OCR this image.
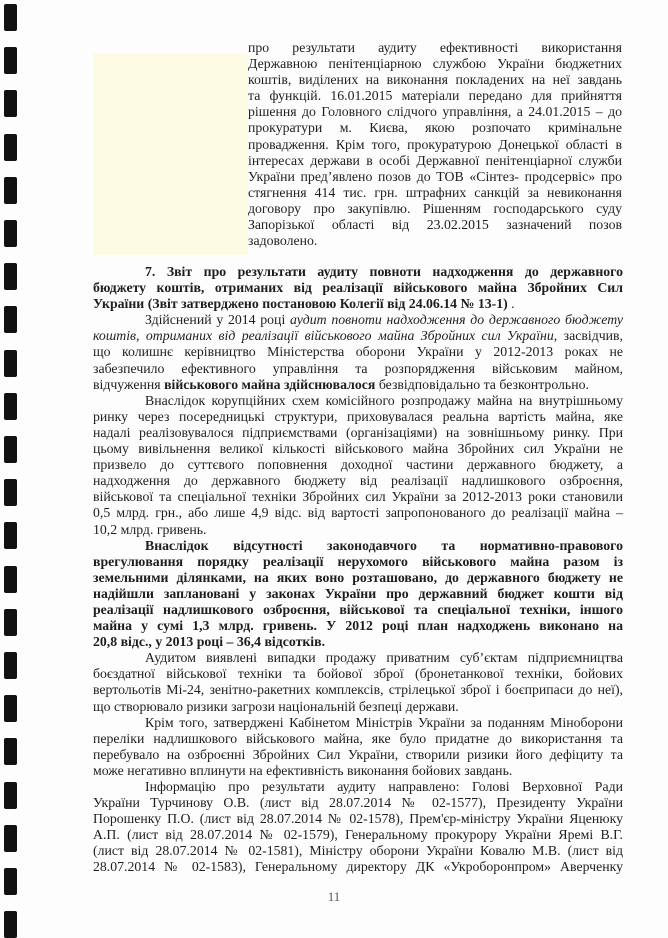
про результати аудиту ефективності використання
Державною пенітенціарною службою України бюджетних
коштів, виділених на виконання покладених на неї завдань
та функцій. 16.01.2015 матеріали передано для прийняття
рішення до Головного слідчого управління, а 24.01.2015 – до
прокуратури м. Києва, якою розпочато кримінальне
провадження. Крім того, прокуратурою Донецької області в
інтересах держави в особі Державної пенітенціарної служби
України пред’явлено позов до ТОВ «Сінтез- продсервіс» про
стягнення 414 тис. грн. штрафних санкцій за невиконання
договору про закупівлю. Рішенням господарського суду
Запорізької області від 23.02.2015 зазначений позов
задоволено.
7. Звіт про результати аудиту повноти надходження до державного
бюджету коштів, отриманих від реалізації військового майна Збройних Сил
України (Звіт затверджено постановою Колегії від 24.06.14 № 13-1) .
Здійснений у 2014 році аудит повноти надходження до державного бюджету
коштів, отриманих від реалізації військового майна Збройних сил України, засвідчив,
що колишнє керівництво Міністерства оборони України у 2012-2013 роках не
забезпечило ефективного управління та розпорядження військовим майном,
відчуження військового майна здійснювалося безвідповідально та безконтрольно.
Внаслідок корупційних схем комісійного розпродажу майна на внутрішньому
ринку через посередницькі структури, приховувалася реальна вартість майна, яке
надалі реалізовувалося підприємствами (організаціями) на зовнішньому ринку. При
цьому вивільнення великої кількості військового майна Збройних сил України не
призвело до суттєвого поповнення доходної частини державного бюджету, а
надходження до державного бюджету від реалізації надлишкового озброєння,
військової та спеціальної техніки Збройних сил України за 2012-2013 роки становили
0,5 млрд. грн., або лише 4,9 відс. від вартості запропонованого до реалізації майна –
10,2 млрд. гривень.
Внаслідок відсутності законодавчого та нормативно-правового
врегулювання порядку реалізації нерухомого військового майна разом із
земельними ділянками, на яких воно розташовано, до державного бюджету не
надійшли заплановані у законах України про державний бюджет кошти від
реалізації надлишкового озброєння, військової та спеціальної техніки, іншого
майна у сумі 1,3 млрд. гривень. У 2012 році план надходжень виконано на
20,8 відс., у 2013 році – 36,4 відсотків.
Аудитом виявлені випадки продажу приватним суб’єктам підприємництва
боєздатної військової техніки та бойової зброї (бронетанкової техніки, бойових
вертольотів Мі-24, зенітно-ракетних комплексів, стрілецької зброї і боєприпаси до неї),
що створювало ризики загрози національній безпеці держави.
Крім того, затверджені Кабінетом Міністрів України за поданням Міноборони
переліки надлишкового військового майна, яке було придатне до використання та
перебувало на озброєнні Збройних Сил України, створили ризики його дефіциту та
може негативно вплинути на ефективність виконання бойових завдань.
Інформацію про результати аудиту направлено: Голові Верховної Ради
України Турчинову О.В. (лист від 28.07.2014 № 02-1577), Президенту України
Порошенку П.О. (лист від 28.07.2014 № 02-1578), Прем'єр-міністру України Яценюку
А.П. (лист від 28.07.2014 № 02-1579), Генеральному прокурору України Яремі В.Г.
(лист від 28.07.2014 № 02-1581), Міністру оборони України Ковалю М.В. (лист від
28.07.2014 № 02-1583), Генеральному директору ДК «Укроборонпром» Аверченку
11
